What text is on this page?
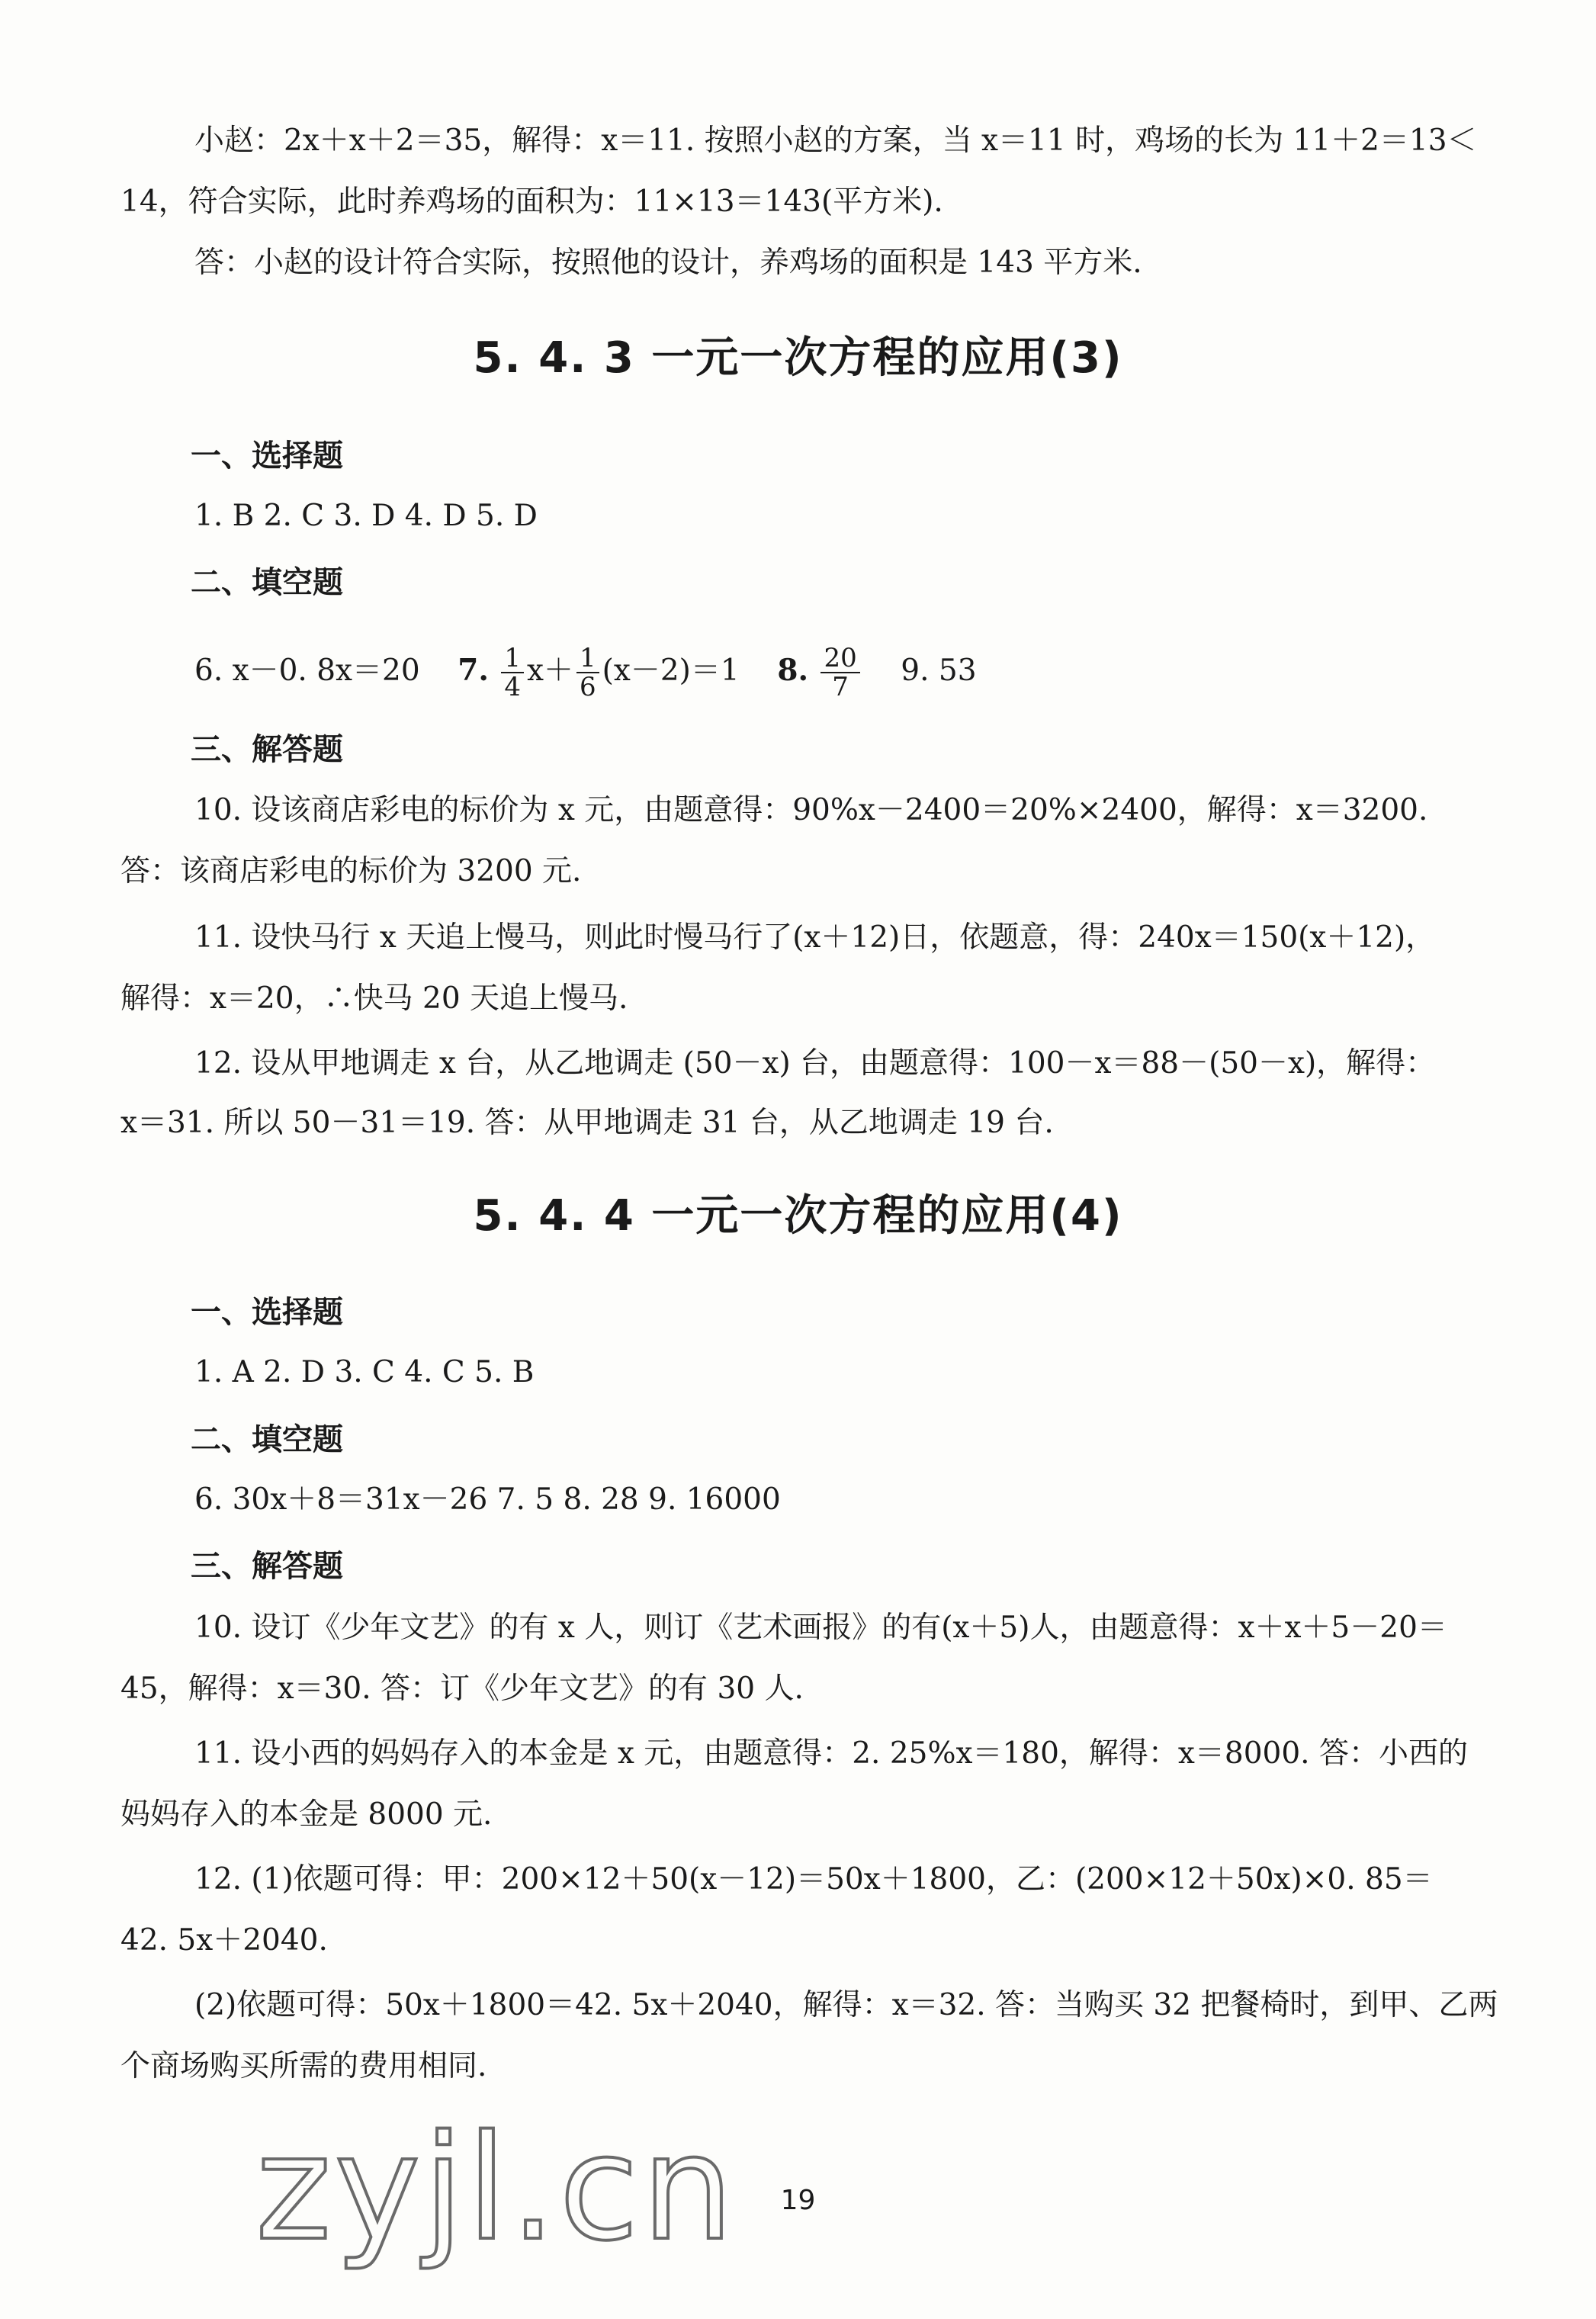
小赵：2x＋x＋2＝35，解得：x＝11. 按照小赵的方案，当 x＝11 时，鸡场的长为 11＋2＝13＜
14，符合实际，此时养鸡场的面积为：11×13＝143(平方米).
答：小赵的设计符合实际，按照他的设计，养鸡场的面积是 143 平方米.
5. 4. 3 一元一次方程的应用(3)
一、选择题
1. B 2. C 3. D 4. D 5. D
二、填空题
6. x－0. 8x＝20 7. $\frac{1}{4} x+ \frac{1}{6} (x-2)=1$ 8. $\frac{20}{7} 9$. 53
三、解答题
10. 设该商店彩电的标价为 x 元，由题意得：90%x－2400＝20%×2400，解得：x＝3200.
答：该商店彩电的标价为 3200 元.
11. 设快马行 x 天追上慢马，则此时慢马行了(x＋12)日，依题意，得：240x＝150(x＋12)，
解得：x＝20，∴快马 20 天追上慢马.
12. 设从甲地调走 x 台，从乙地调走 (50－x) 台，由题意得：100－x＝88－(50－x)，解得：
x＝31. 所以 50－31＝19. 答：从甲地调走 31 台，从乙地调走 19 台.
5. 4. 4 一元一次方程的应用(4)
一、选择题
1. A 2. D 3. C 4. C 5. B
二、填空题
6. 30x＋8＝31x－26 7. 5 8. 28 9. 16000
三、解答题
10. 设订《少年文艺》的有 x 人，则订《艺术画报》的有(x＋5)人，由题意得：x＋x＋5－20＝
45，解得：x＝30. 答：订《少年文艺》的有 30 人.
11. 设小西的妈妈存入的本金是 x 元，由题意得：2. 25%x＝180，解得：x＝8000. 答：小西的
妈妈存入的本金是 8000 元.
12. (1)依题可得：甲：200×12＋50(x－12)＝50x＋1800，乙：(200×12＋50x)×0. 85＝
42. 5x＋2040.
(2)依题可得：50x＋1800＝42. 5x＋2040，解得：x＝32. 答：当购买 32 把餐椅时，到甲、乙两
个商场购买所需的费用相同.
zyjl.cn	19
